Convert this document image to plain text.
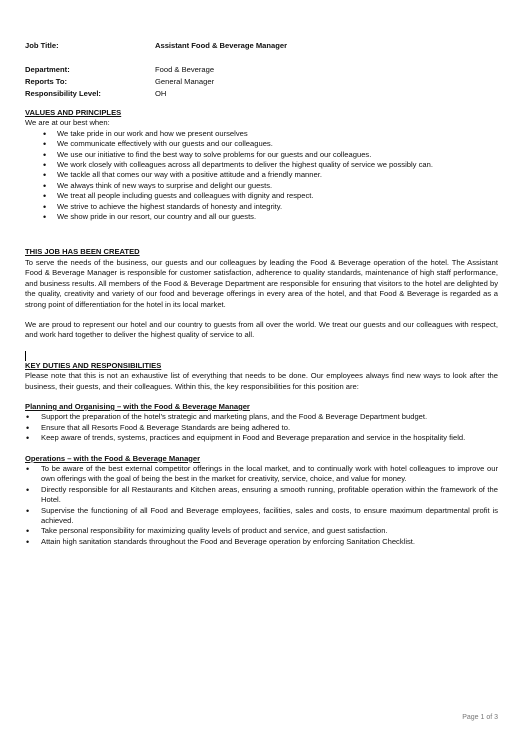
Job Title:	Assistant Food & Beverage Manager
Department:	Food & Beverage
Reports To:	General Manager
Responsibility Level:	OH

VALUES AND PRINCIPLES

We are at our best when:

• We take pride in our work and how we present ourselves
• We communicate effectively with our guests and our colleagues.
• We use our initiative to find the best way to solve problems for our guests and our colleagues.
• We work closely with colleagues across all departments to deliver the highest quality of service we possibly can.
• We tackle all that comes our way with a positive attitude and a friendly manner.
• We always think of new ways to surprise and delight our guests.
• We treat all people including guests and colleagues with dignity and respect.
• We strive to achieve the highest standards of honesty and integrity.
• We show pride in our resort, our country and all our guests.

THIS JOB HAS BEEN CREATED

To serve the needs of the business, our guests and our colleagues by leading the Food & Beverage operation of the hotel. The Assistant Food & Beverage Manager is responsible for customer satisfaction, adherence to quality standards, maintenance of high staff performance, and business results. All members of the Food & Beverage Department are responsible for ensuring that visitors to the hotel are delighted by the quality, creativity and variety of our food and beverage offerings in every area of the hotel, and that Food & Beverage is regarded as a strong point of differentiation for the hotel in its local market.

We are proud to represent our hotel and our country to guests from all over the world. We treat our guests and our colleagues with respect, and work hard together to deliver the highest quality of service to all.

KEY DUTIES AND RESPONSIBILITIES

Please note that this is not an exhaustive list of everything that needs to be done. Our employees always find new ways to look after the business, their guests, and their colleagues. Within this, the key responsibilities for this position are:

Planning and Organising – with the Food & Beverage Manager

• Support the preparation of the hotel’s strategic and marketing plans, and the Food & Beverage Department budget.
• Ensure that all Resorts Food & Beverage Standards are being adhered to.
• Keep aware of trends, systems, practices and equipment in Food and Beverage preparation and service in the hospitality field.

Operations – with the Food & Beverage Manager

• To be aware of the best external competitor offerings in the local market, and to continually work with hotel colleagues to improve our own offerings with the goal of being the best in the market for creativity, service, choice, and value for money.
• Directly responsible for all Restaurants and Kitchen areas, ensuring a smooth running, profitable operation within the framework of the Hotel.
• Supervise the functioning of all Food and Beverage employees, facilities, sales and costs, to ensure maximum departmental profit is achieved.
• Take personal responsibility for maximizing quality levels of product and service, and guest satisfaction.
• Attain high sanitation standards throughout the Food and Beverage operation by enforcing Sanitation Checklist.
Page 1 of 3
